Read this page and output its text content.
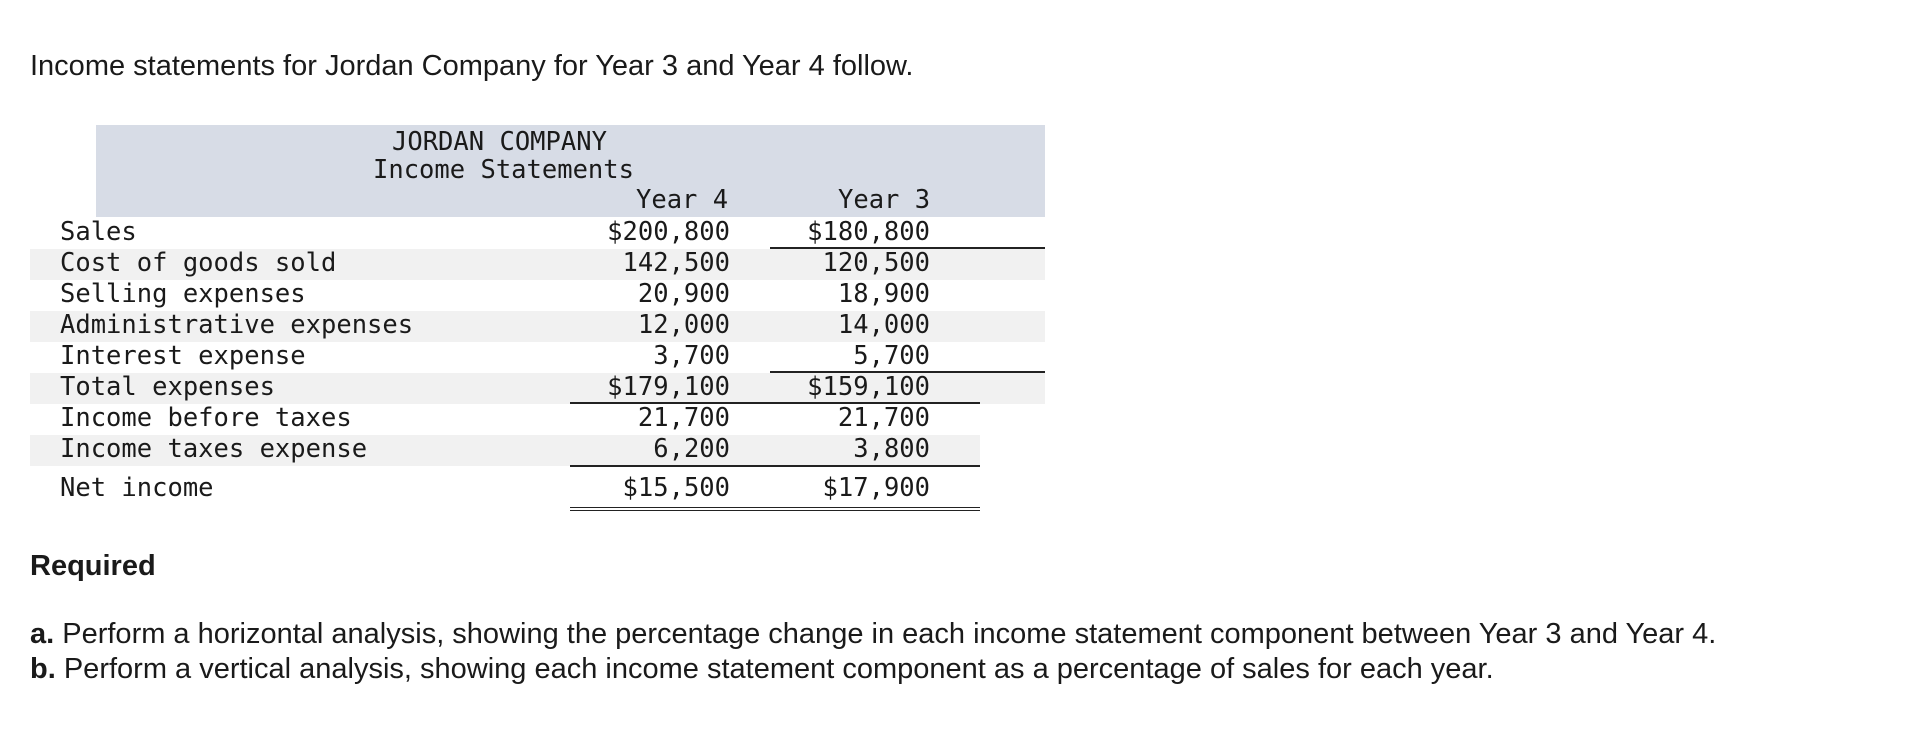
Income statements for Jordan Company for Year 3 and Year 4 follow.

JORDAN COMPANY
Income Statements
Year 4	Year 3
Sales	$200,800	$180,800
Cost of goods sold	142,500	120,500
Selling expenses	20,900	18,900
Administrative expenses	12,000	14,000
Interest expense	3,700	5,700
Total expenses	$179,100	$159,100
Income before taxes	21,700	21,700
Income taxes expense	6,200	3,800
Net income	$15,500	$17,900

Required

a. Perform a horizontal analysis, showing the percentage change in each income statement component between Year 3 and Year 4.

b. Perform a vertical analysis, showing each income statement component as a percentage of sales for each year.
